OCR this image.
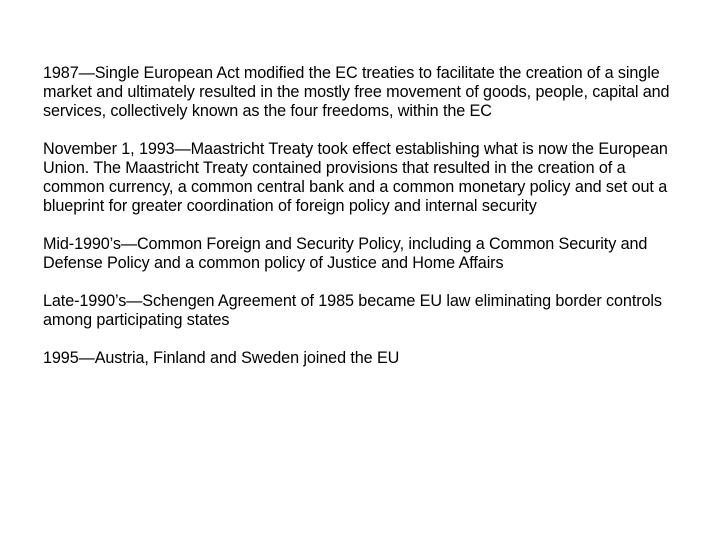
1987—Single European Act modified the EC treaties to facilitate the creation of a single market and ultimately resulted in the mostly free movement of goods, people, capital and services, collectively known as the four freedoms, within the EC

November 1, 1993—Maastricht Treaty took effect establishing what is now the European Union. The Maastricht Treaty contained provisions that resulted in the creation of a common currency, a common central bank and a common monetary policy and set out a blueprint for greater coordination of foreign policy and internal security

Mid-1990’s—Common Foreign and Security Policy, including a Common Security and Defense Policy and a common policy of Justice and Home Affairs

Late-1990’s—Schengen Agreement of 1985 became EU law eliminating border controls among participating states

1995—Austria, Finland and Sweden joined the EU
